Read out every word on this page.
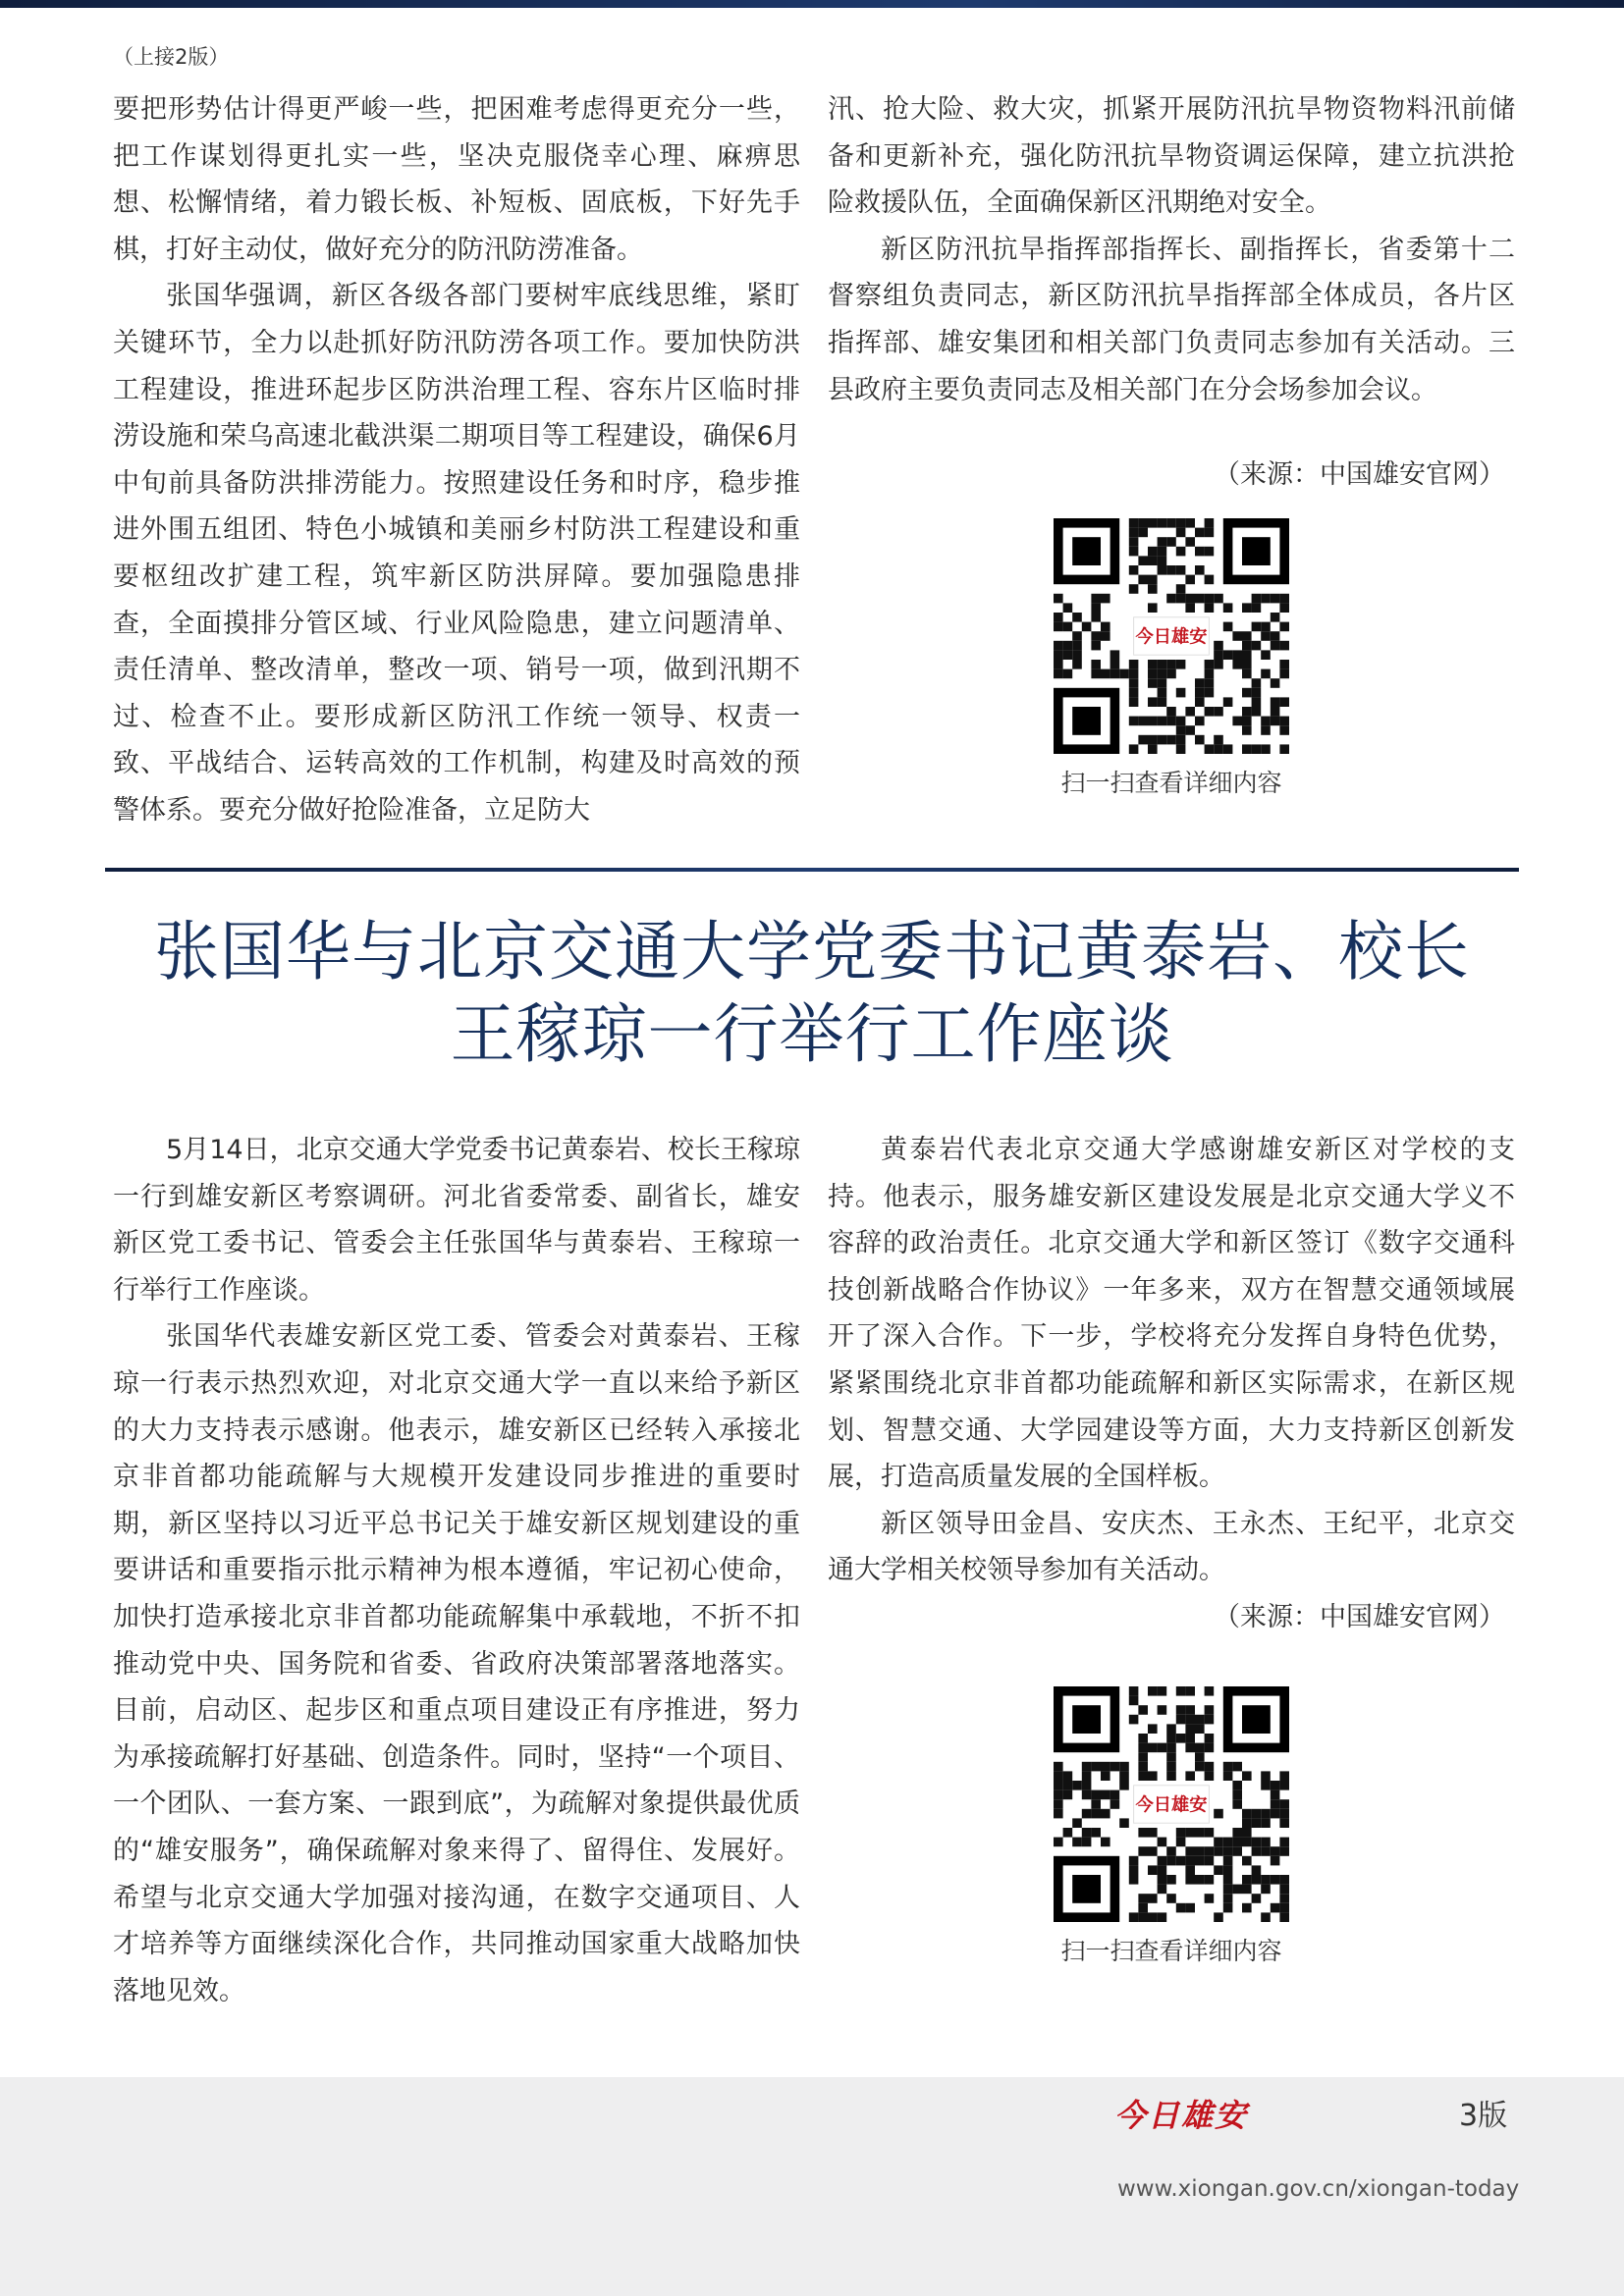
（上接2版）

要把形势估计得更严峻一些，把困难考虑得更充分一些，把工作谋划得更扎实一些，坚决克服侥幸心理、麻痹思想、松懈情绪，着力锻长板、补短板、固底板，下好先手棋，打好主动仗，做好充分的防汛防涝准备。

张国华强调，新区各级各部门要树牢底线思维，紧盯关键环节，全力以赴抓好防汛防涝各项工作。要加快防洪工程建设，推进环起步区防洪治理工程、容东片区临时排涝设施和荣乌高速北截洪渠二期项目等工程建设，确保6月中旬前具备防洪排涝能力。按照建设任务和时序，稳步推进外围五组团、特色小城镇和美丽乡村防洪工程建设和重要枢纽改扩建工程，筑牢新区防洪屏障。要加强隐患排查，全面摸排分管区域、行业风险隐患，建立问题清单、责任清单、整改清单，整改一项、销号一项，做到汛期不过、检查不止。要形成新区防汛工作统一领导、权责一致、平战结合、运转高效的工作机制，构建及时高效的预警体系。要充分做好抢险准备，立足防大

汛、抢大险、救大灾，抓紧开展防汛抗旱物资物料汛前储备和更新补充，强化防汛抗旱物资调运保障，建立抗洪抢险救援队伍，全面确保新区汛期绝对安全。

新区防汛抗旱指挥部指挥长、副指挥长，省委第十二督察组负责同志，新区防汛抗旱指挥部全体成员，各片区指挥部、雄安集团和相关部门负责同志参加有关活动。三县政府主要负责同志及相关部门在分会场参加会议。

（来源：中国雄安官网）

今日雄安
扫一扫查看详细内容
张国华与北京交通大学党委书记黄泰岩、校长
王稼琼一行举行工作座谈

5月14日，北京交通大学党委书记黄泰岩、校长王稼琼一行到雄安新区考察调研。河北省委常委、副省长，雄安新区党工委书记、管委会主任张国华与黄泰岩、王稼琼一行举行工作座谈。

张国华代表雄安新区党工委、管委会对黄泰岩、王稼琼一行表示热烈欢迎，对北京交通大学一直以来给予新区的大力支持表示感谢。他表示，雄安新区已经转入承接北京非首都功能疏解与大规模开发建设同步推进的重要时期，新区坚持以习近平总书记关于雄安新区规划建设的重要讲话和重要指示批示精神为根本遵循，牢记初心使命，加快打造承接北京非首都功能疏解集中承载地，不折不扣推动党中央、国务院和省委、省政府决策部署落地落实。目前，启动区、起步区和重点项目建设正有序推进，努力为承接疏解打好基础、创造条件。同时，坚持“一个项目、一个团队、一套方案、一跟到底”，为疏解对象提供最优质的“雄安服务”，确保疏解对象来得了、留得住、发展好。希望与北京交通大学加强对接沟通，在数字交通项目、人才培养等方面继续深化合作，共同推动国家重大战略加快落地见效。

黄泰岩代表北京交通大学感谢雄安新区对学校的支持。他表示，服务雄安新区建设发展是北京交通大学义不容辞的政治责任。北京交通大学和新区签订《数字交通科技创新战略合作协议》一年多来，双方在智慧交通领域展开了深入合作。下一步，学校将充分发挥自身特色优势，紧紧围绕北京非首都功能疏解和新区实际需求，在新区规划、智慧交通、大学园建设等方面，大力支持新区创新发展，打造高质量发展的全国样板。

新区领导田金昌、安庆杰、王永杰、王纪平，北京交通大学相关校领导参加有关活动。

（来源：中国雄安官网）

今日雄安
扫一扫查看详细内容
今日雄安	3版
www.xiongan.gov.cn/xiongan-today
